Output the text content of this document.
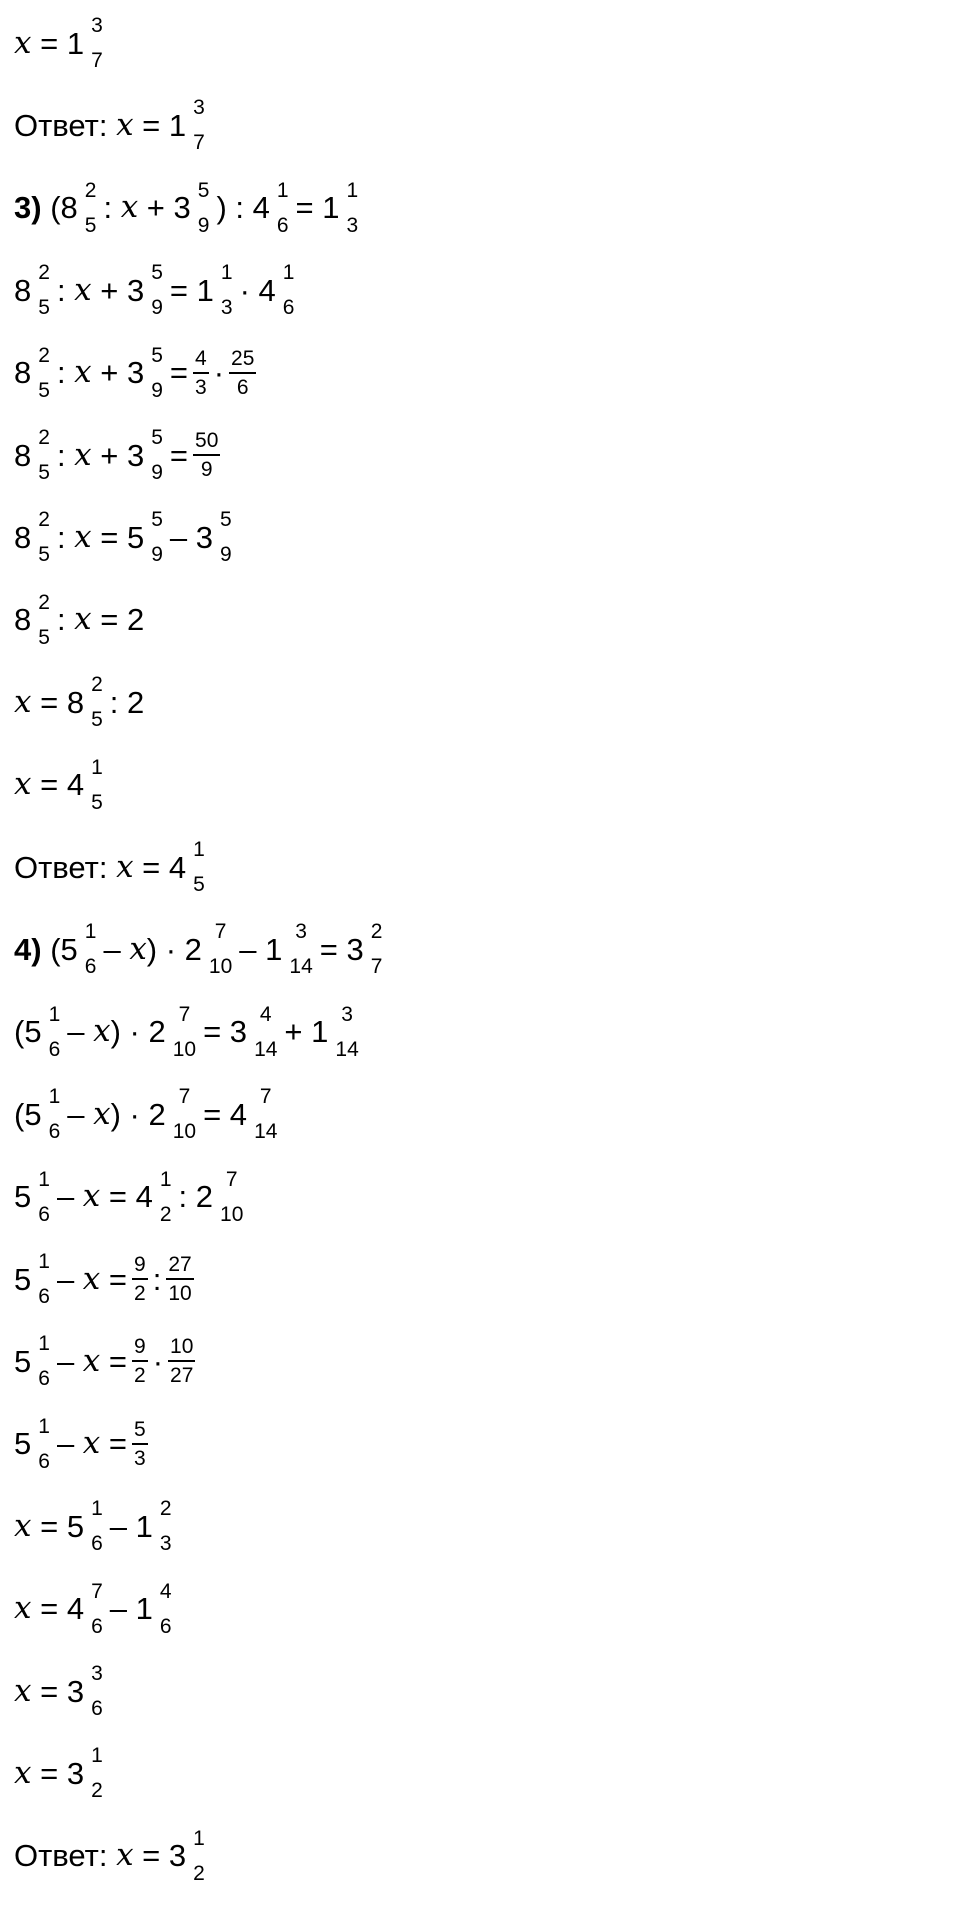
x = 1 3
7
Ответ: x = 1 3
7
3) (8 2
5 : x + 3 5
9 ) : 4 1
6 = 1 1
3
8 2
5 : x + 3 5
9 = 1 1
3 · 4 1
6
8 2
5 : x + 3 5
$9 = \frac{4}{3} \cdot \frac{25}{6}$
8 2
5 : x + 3 5
$9 = \frac{50}{9}$
8 2
5 : x = 5 5
9 – 3 5
9
8 2
5 : x = 2
x = 8 2
5 : 2
x = 4 1
5
Ответ: x = 4 1
5
4) (5 1
6 – x ) · 2 7
10 – 1 3
14 = 3 2
7
(5 1
6 – x ) · 2 7
10 = 3 4
14 + 1 3
14
(5 1
6 – x ) · 2 7
10 = 4 7
14
5 1
6 – x = 4 1
2 : 2 7
10
5 1
$6 - x = \frac{9}{2}$ : $\frac{27}{10}$
5 1
$6 - x = \frac{9}{2} \cdot \frac{10}{27}$
5 1
$6 - x = \frac{5}{3}$
x = 5 1
6 – 1 2
3
x = 4 7
6 – 1 4
6
x = 3 3
6
x = 3 1
2
Ответ: x = 3 1
2
